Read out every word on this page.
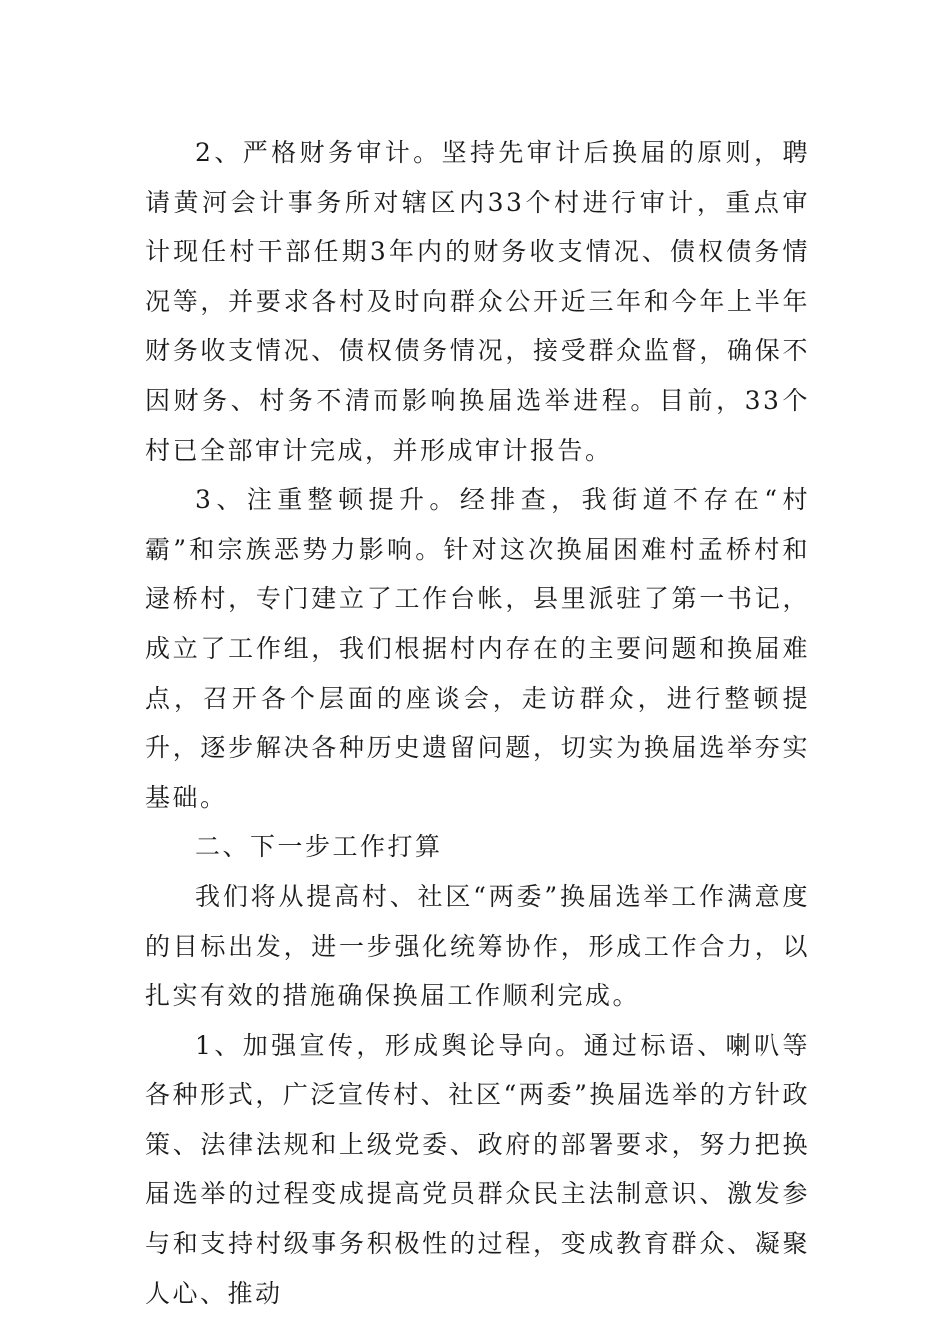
2、严格财务审计。坚持先审计后换届的原则，聘请黄河会计事务所对辖区内33个村进行审计，重点审计现任村干部任期3年内的财务收支情况、债权债务情况等，并要求各村及时向群众公开近三年和今年上半年财务收支情况、债权债务情况，接受群众监督，确保不因财务、村务不清而影响换届选举进程。目前，33个村已全部审计完成，并形成审计报告。

3、注重整顿提升。经排查，我街道不存在“村霸”和宗族恶势力影响。针对这次换届困难村孟桥村和逯桥村，专门建立了工作台帐，县里派驻了第一书记，成立了工作组，我们根据村内存在的主要问题和换届难点，召开各个层面的座谈会，走访群众，进行整顿提升，逐步解决各种历史遗留问题，切实为换届选举夯实基础。

二、下一步工作打算

我们将从提高村、社区“两委”换届选举工作满意度的目标出发，进一步强化统筹协作，形成工作合力，以扎实有效的措施确保换届工作顺利完成。

1、加强宣传，形成舆论导向。通过标语、喇叭等各种形式，广泛宣传村、社区“两委”换届选举的方针政策、法律法规和上级党委、政府的部署要求，努力把换届选举的过程变成提高党员群众民主法制意识、激发参与和支持村级事务积极性的过程，变成教育群众、凝聚人心、推动
